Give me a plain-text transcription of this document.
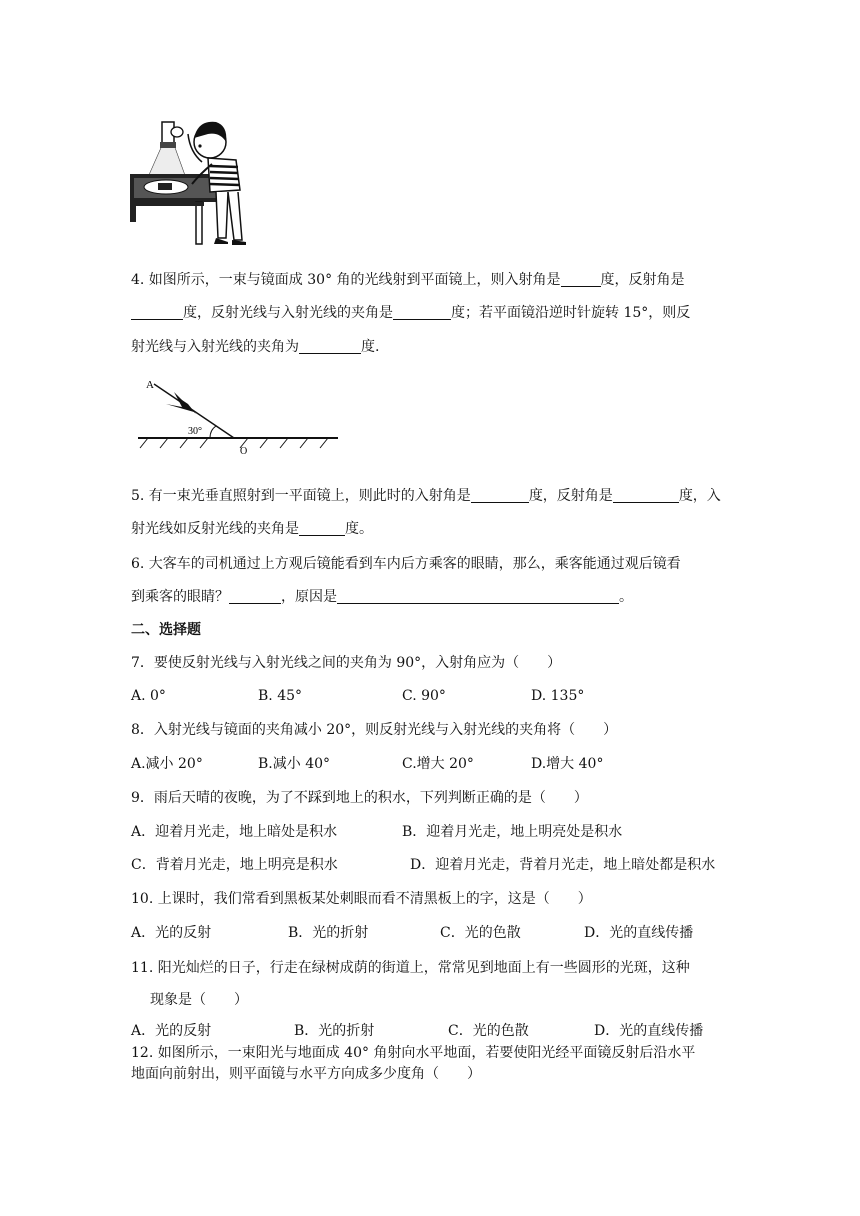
4. 如图所示，一束与镜面成 30° 角的光线射到平面镜上，则入射角是	度，反射角是
度，反射光线与入射光线的夹角是	度；若平面镜沿逆时针旋转 15°，则反
射光线与入射光线的夹角为	度.
A
30°
O
5. 有一束光垂直照射到一平面镜上，则此时的入射角是	度，反射角是	度，入
射光线如反射光线的夹角是	度。
6. 大客车的司机通过上方观后镜能看到车内后方乘客的眼睛，那么，乘客能通过观后镜看
到乘客的眼睛？	，原因是	。
二、选择题
7．要使反射光线与入射光线之间的夹角为 90°，入射角应为（　　）
A. 0°	B. 45°	C. 90°	D. 135°
8．入射光线与镜面的夹角减小 20°，则反射光线与入射光线的夹角将（　　）
A.减小 20°	B.减小 40°	C.增大 20°	D.增大 40°
9．雨后天晴的夜晚，为了不踩到地上的积水，下列判断正确的是（　　）
A．迎着月光走，地上暗处是积水	B．迎着月光走，地上明亮处是积水
C．背着月光走，地上明亮是积水	D．迎着月光走，背着月光走，地上暗处都是积水
10. 上课时，我们常看到黑板某处刺眼而看不清黑板上的字，这是（　　）
A．光的反射	B．光的折射	C．光的色散	D．光的直线传播
11. 阳光灿烂的日子，行走在绿树成荫的街道上，常常见到地面上有一些圆形的光斑，这种
现象是（　　）
A．光的反射	B．光的折射	C．光的色散	D．光的直线传播
12. 如图所示，一束阳光与地面成 40° 角射向水平地面，若要使阳光经平面镜反射后沿水平
地面向前射出，则平面镜与水平方向成多少度角（　　）
